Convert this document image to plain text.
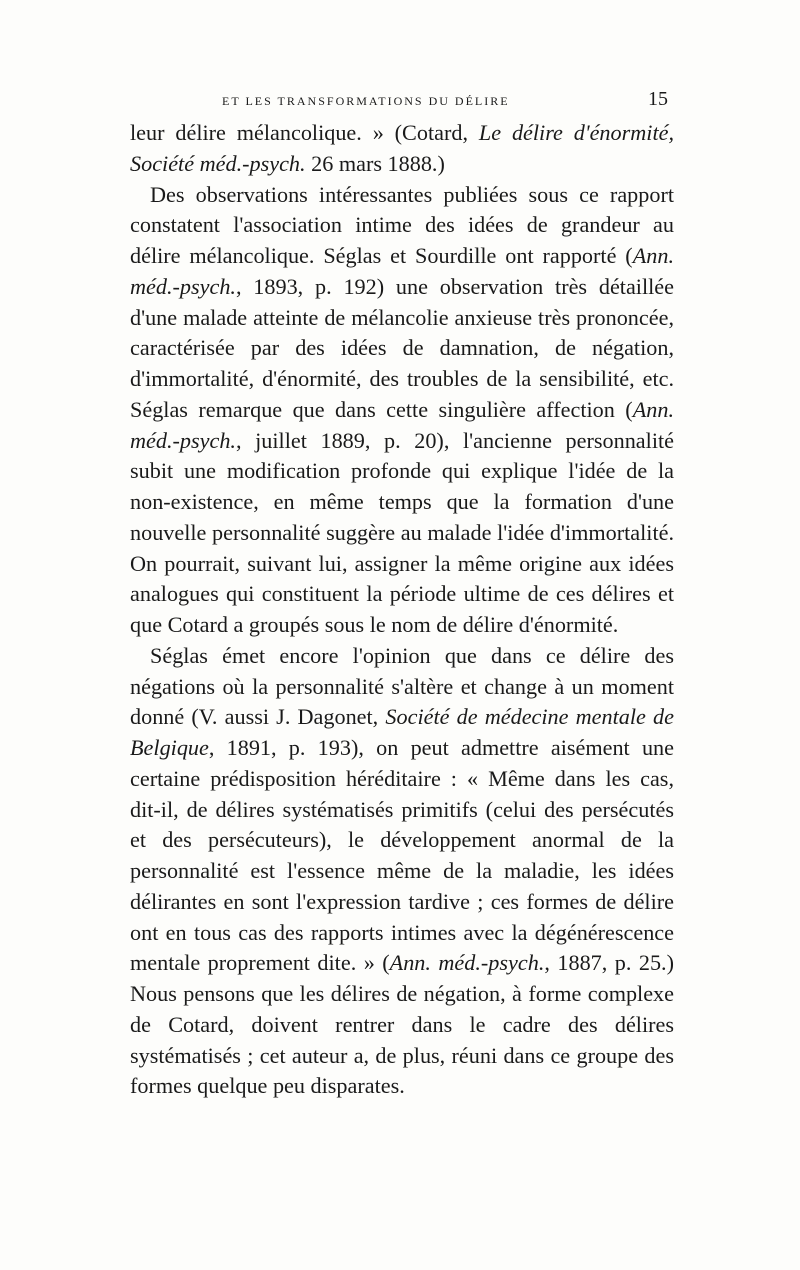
ET LES TRANSFORMATIONS DU DÉLIRE	15

leur délire mélancolique. » (Cotard, Le délire d'énormité, Société méd.-psych. 26 mars 1888.)

Des observations intéressantes publiées sous ce rapport constatent l'association intime des idées de grandeur au délire mélancolique. Séglas et Sourdille ont rapporté (Ann. méd.-psych., 1893, p. 192) une observation très détaillée d'une malade atteinte de mélancolie anxieuse très prononcée, caractérisée par des idées de damnation, de négation, d'immortalité, d'énormité, des troubles de la sensibilité, etc. Séglas remarque que dans cette singulière affection (Ann. méd.-psych., juillet 1889, p. 20), l'ancienne personnalité subit une modification profonde qui explique l'idée de la non-existence, en même temps que la formation d'une nouvelle personnalité suggère au malade l'idée d'immortalité. On pourrait, suivant lui, assigner la même origine aux idées analogues qui constituent la période ultime de ces délires et que Cotard a groupés sous le nom de délire d'énormité.

Séglas émet encore l'opinion que dans ce délire des négations où la personnalité s'altère et change à un moment donné (V. aussi J. Dagonet, Société de médecine mentale de Belgique, 1891, p. 193), on peut admettre aisément une certaine prédisposition héréditaire : « Même dans les cas, dit-il, de délires systématisés primitifs (celui des persécutés et des persécuteurs), le développement anormal de la personnalité est l'essence même de la maladie, les idées délirantes en sont l'expression tardive ; ces formes de délire ont en tous cas des rapports intimes avec la dégénérescence mentale proprement dite. » (Ann. méd.-psych., 1887, p. 25.) Nous pensons que les délires de négation, à forme complexe de Cotard, doivent rentrer dans le cadre des délires systématisés ; cet auteur a, de plus, réuni dans ce groupe des formes quelque peu disparates.
